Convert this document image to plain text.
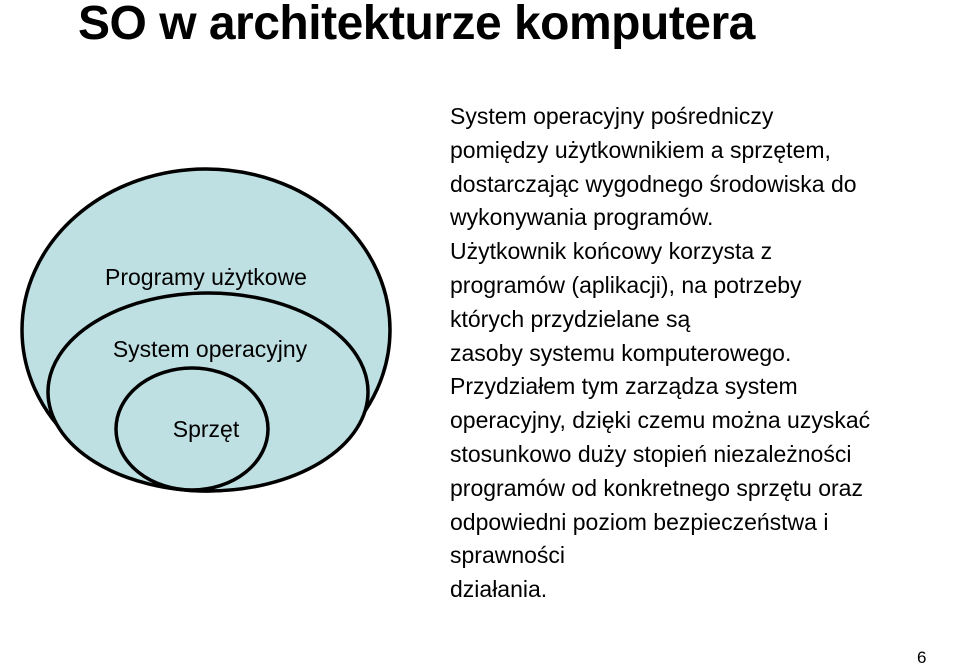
SO w architekturze komputera
Programy użytkowe
System operacyjny
Sprzęt
System operacyjny pośredniczy
pomiędzy użytkownikiem a sprzętem,
dostarczając wygodnego środowiska do
wykonywania programów.
Użytkownik końcowy korzysta z
programów (aplikacji), na potrzeby
których przydzielane są
zasoby systemu komputerowego.
Przydziałem tym zarządza system
operacyjny, dzięki czemu można uzyskać
stosunkowo duży stopień niezależności
programów od konkretnego sprzętu oraz
odpowiedni poziom bezpieczeństwa i
sprawności
działania.
6
